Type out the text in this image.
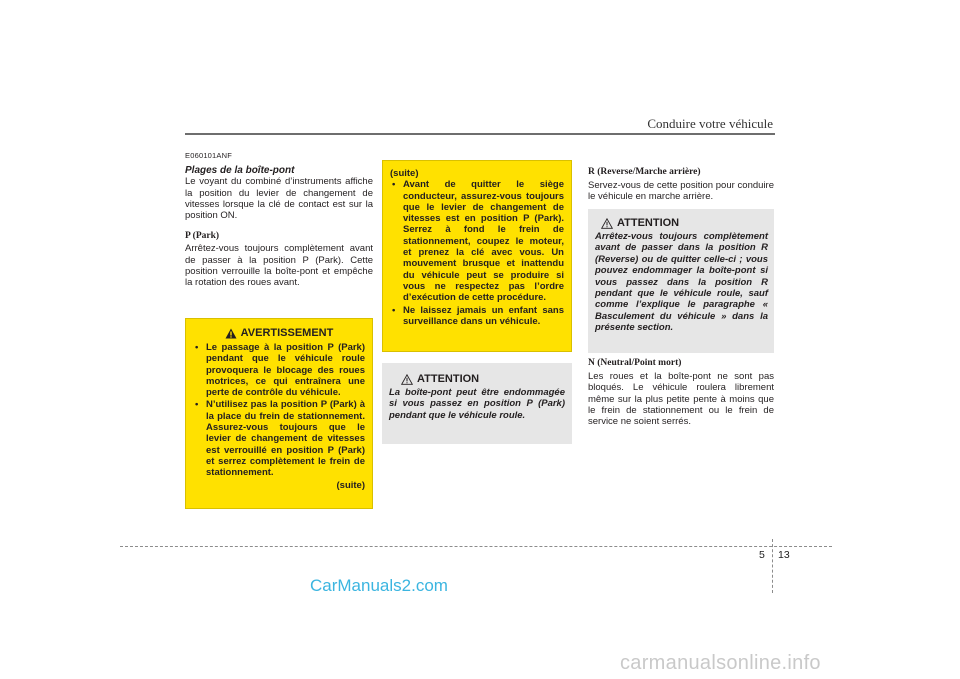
Conduire votre véhicule
E060101ANF
Plages de la boîte-pont
Le voyant du combiné d’instruments affiche la position du levier de changement de vitesses lorsque la clé de contact est sur la position ON.
P (Park)
Arrêtez-vous toujours complètement avant de passer à la position P (Park). Cette position verrouille la boîte-pont et empêche la rotation des roues avant.
AVERTISSEMENT
• Le passage à la position P (Park) pendant que le véhicule roule provoquera le blocage des roues motrices, ce qui entraînera une perte de contrôle du véhicule.
• N’utilisez pas la position P (Park) à la place du frein de stationnement. Assurez-vous toujours que le levier de changement de vitesses est verrouillé en position P (Park) et serrez complètement le frein de stationnement.
(suite)
(suite)
• Avant de quitter le siège conducteur, assurez-vous toujours que le levier de changement de vitesses est en position P (Park). Serrez à fond le frein de stationnement, coupez le moteur, et prenez la clé avec vous. Un mouvement brusque et inattendu du véhicule peut se produire si vous ne respectez pas l’ordre d’exécution de cette procédure.
• Ne laissez jamais un enfant sans surveillance dans un véhicule.
ATTENTION
La boîte-pont peut être endommagée si vous passez en position P (Park) pendant que le véhicule roule.
R (Reverse/Marche arrière)
Servez-vous de cette position pour conduire le véhicule en marche arrière.
ATTENTION
Arrêtez-vous toujours complètement avant de passer dans la position R (Reverse) ou de quitter celle-ci ; vous pouvez endommager la boîte-pont si vous passez dans la position R pendant que le véhicule roule, sauf comme l’explique le paragraphe « Basculement du véhicule » dans la présente section.
N (Neutral/Point mort)
Les roues et la boîte-pont ne sont pas bloqués. Le véhicule roulera librement même sur la plus petite pente à moins que le frein de stationnement ou le frein de service ne soient serrés.
5 13
CarManuals2.com
carmanualsonline.info
